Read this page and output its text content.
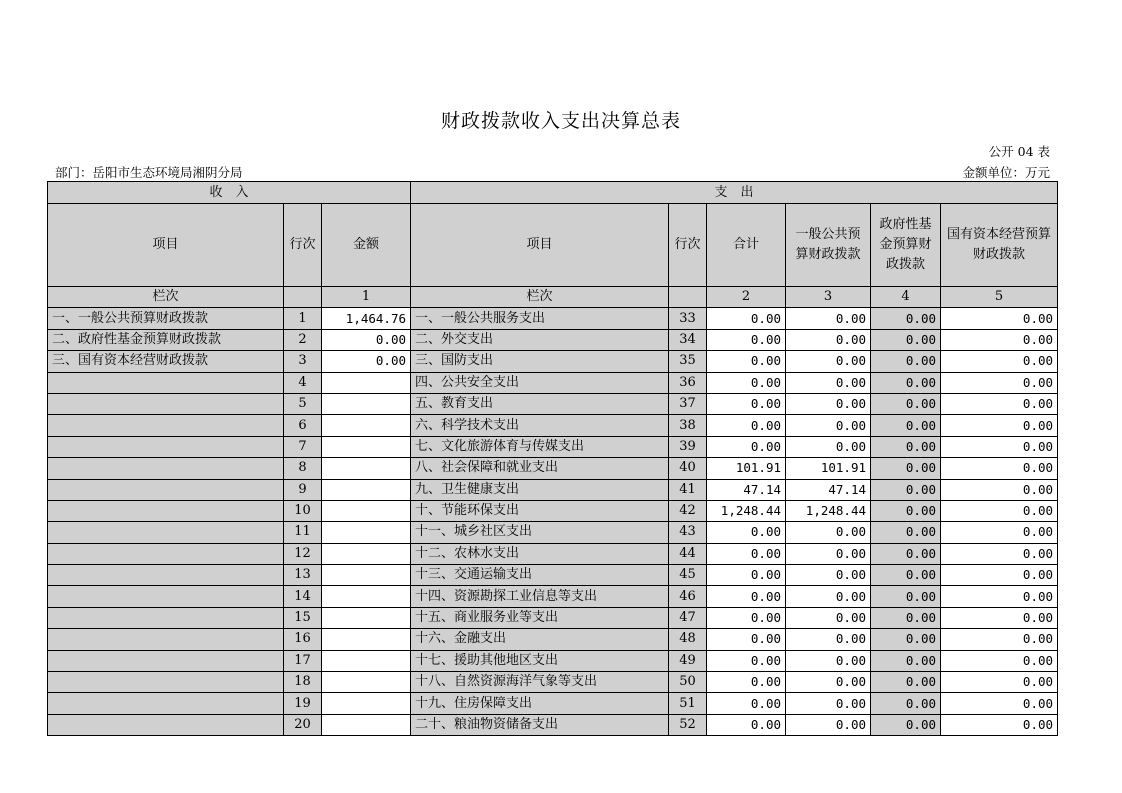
财政拨款收入支出决算总表
公开 04 表
部门：岳阳市生态环境局湘阴分局	金额单位：万元
收　入			支　出					
项目	行次	金额	项目	行次	合计	一般公共预算财政拨款	政府性基金预算财政拨款	国有资本经营预算财政拨款
栏次		1	栏次		2	3	4	5
一、一般公共预算财政拨款	1	1,464.76	一、一般公共服务支出	33	0.00	0.00	0.00	0.00
二、政府性基金预算财政拨款	2	0.00	二、外交支出	34	0.00	0.00	0.00	0.00
三、国有资本经营财政拨款	3	0.00	三、国防支出	35	0.00	0.00	0.00	0.00
	4		四、公共安全支出	36	0.00	0.00	0.00	0.00
	5		五、教育支出	37	0.00	0.00	0.00	0.00
	6		六、科学技术支出	38	0.00	0.00	0.00	0.00
	7		七、文化旅游体育与传媒支出	39	0.00	0.00	0.00	0.00
	8		八、社会保障和就业支出	40	101.91	101.91	0.00	0.00
	9		九、卫生健康支出	41	47.14	47.14	0.00	0.00
	10		十、节能环保支出	42	1,248.44	1,248.44	0.00	0.00
	11		十一、城乡社区支出	43	0.00	0.00	0.00	0.00
	12		十二、农林水支出	44	0.00	0.00	0.00	0.00
	13		十三、交通运输支出	45	0.00	0.00	0.00	0.00
	14		十四、资源勘探工业信息等支出	46	0.00	0.00	0.00	0.00
	15		十五、商业服务业等支出	47	0.00	0.00	0.00	0.00
	16		十六、金融支出	48	0.00	0.00	0.00	0.00
	17		十七、援助其他地区支出	49	0.00	0.00	0.00	0.00
	18		十八、自然资源海洋气象等支出	50	0.00	0.00	0.00	0.00
	19		十九、住房保障支出	51	0.00	0.00	0.00	0.00
	20		二十、粮油物资储备支出	52	0.00	0.00	0.00	0.00
